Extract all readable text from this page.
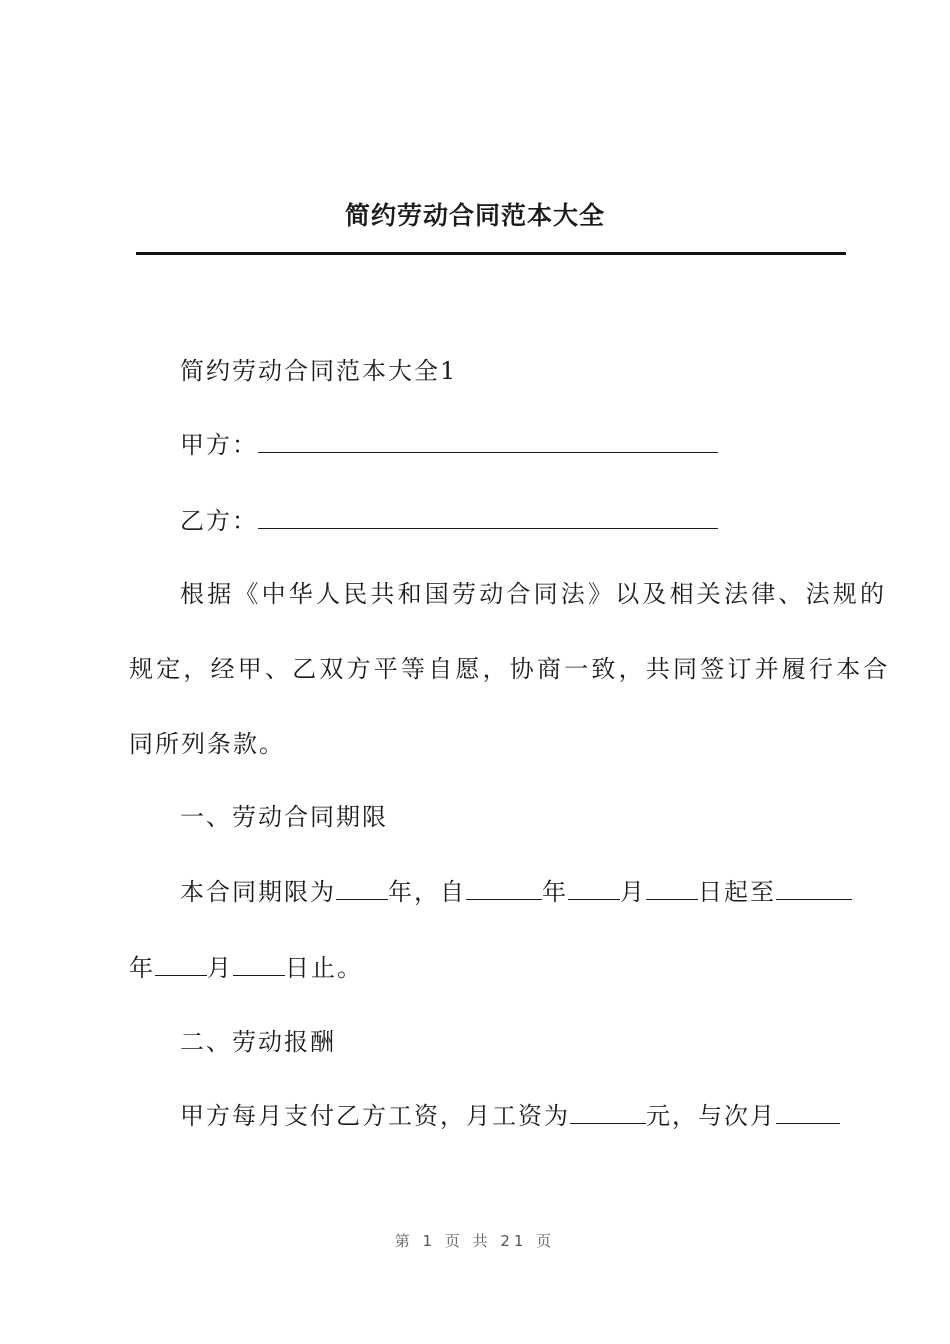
简约劳动合同范本大全
简约劳动合同范本大全1
甲方：
乙方：
根据《中华人民共和国劳动合同法》以及相关法律、法规的
规定，经甲、乙双方平等自愿，协商一致，共同签订并履行本合
同所列条款。
一、劳动合同期限
本合同期限为 年，自	年 月 日起至
年 月 日止。
二、劳动报酬
甲方每月支付乙方工资，月工资为	元，与次月
第 1 页 共 21 页
